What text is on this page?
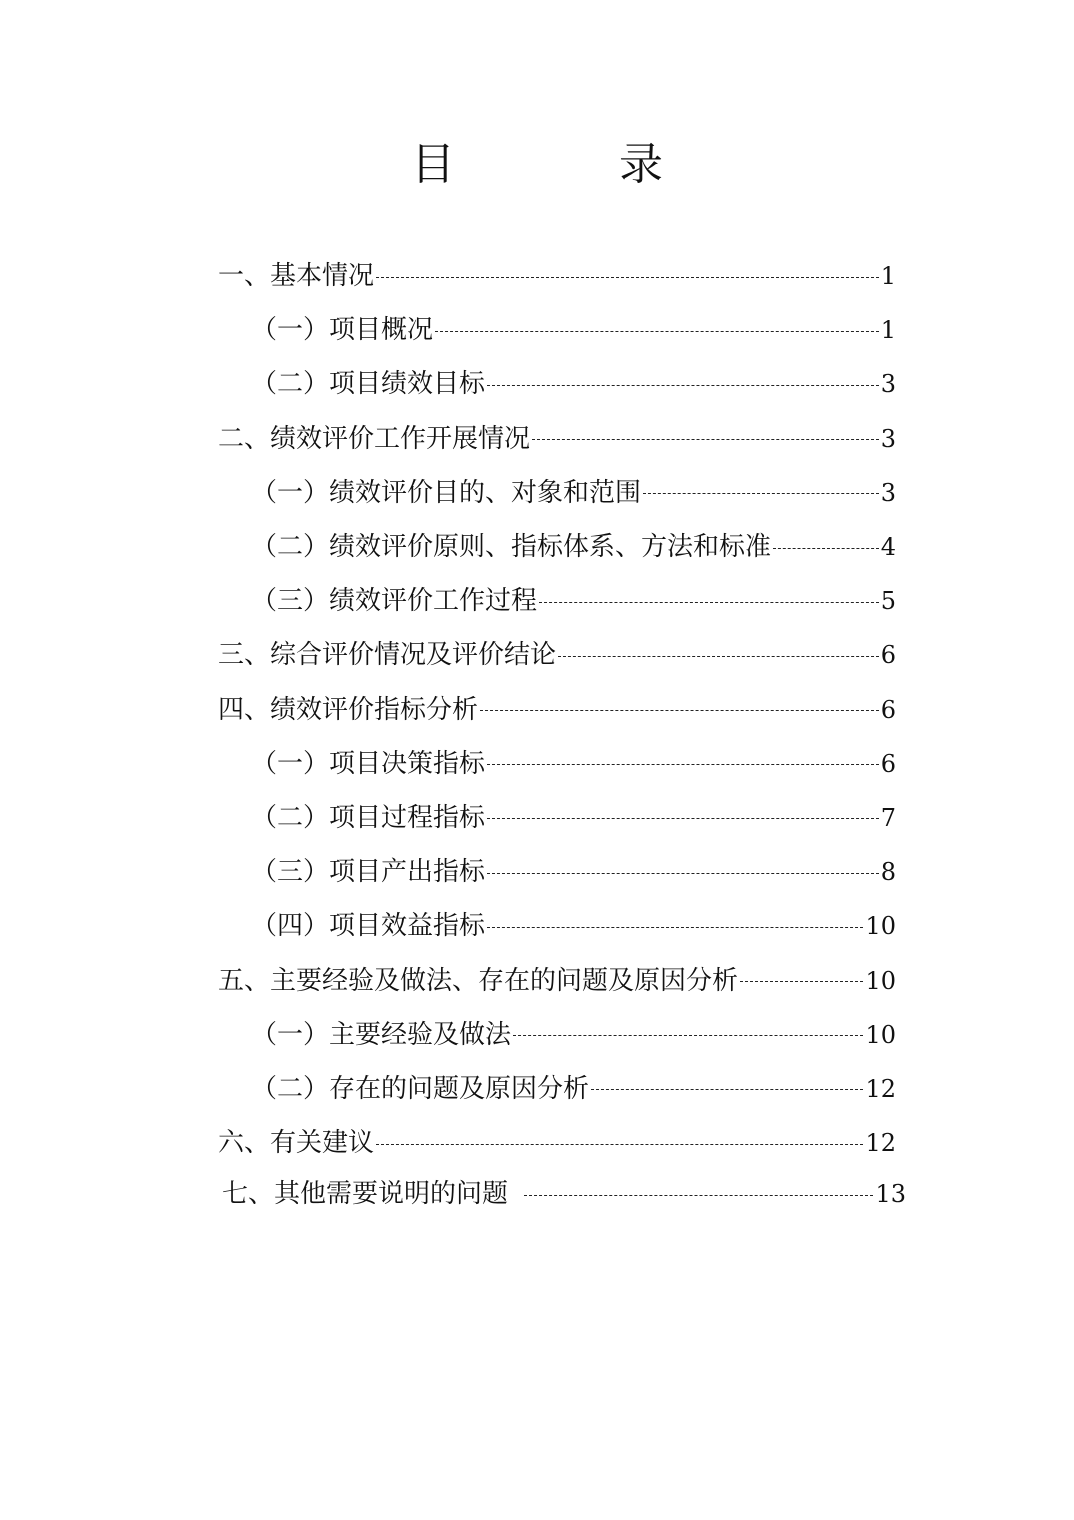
目　录
一、基本情况	1
（一）项目概况	1
（二）项目绩效目标	3
二、绩效评价工作开展情况	3
（一）绩效评价目的、对象和范围	3
（二）绩效评价原则、指标体系、方法和标准	4
（三）绩效评价工作过程	5
三、综合评价情况及评价结论	6
四、绩效评价指标分析	6
（一）项目决策指标	6
（二）项目过程指标	7
（三）项目产出指标	8
（四）项目效益指标	10
五、主要经验及做法、存在的问题及原因分析	10
（一）主要经验及做法	10
（二）存在的问题及原因分析	12
六、有关建议	12
七、其他需要说明的问题	13
